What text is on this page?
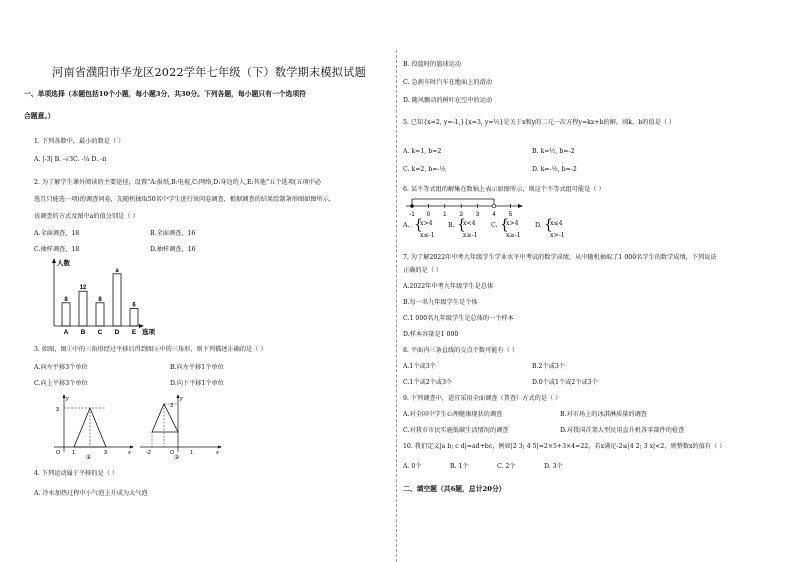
河南省濮阳市华龙区2022学年七年级（下）数学期末模拟试题
一、单项选择（本题包括10个小题，每小题3分，共30分。下列各题，每小题只有一个选项符
合题意。）
1. 下列各数中，最小的数是（ ）
A. |-3| B. -√3C. -¼ D. -π
2. 为了解学生课外阅读的主要途径，设置“A:报纸,B:电视,C:网络,D:身边的人,E:其他”五个选项(五项中必
选且只能选一项)的调查问卷，先随机抽取50名中学生进行该问卷调查，根据调查的结果绘制条形图如图所示，
该调查的方式及图中a的值分别是（ ）
A.全面调查，18	B.全面调查，16
C.抽样调查，18	D.抽样调查，16
8
A
12
B
8
C
a
D
6
E
人数
选项
3. 如图，图①中的三角形经过平移后得到图②中的三角形，则下列描述正确的是（ ）
A.向左平移3个单位	B.向左平移1个单位
C.向上平移3个单位	D.向下平移1个单位
3
y
O 1	3	x
①
3
y
-2	O	1	x
②
4. 下列运动属于平移的是（ ）
A. 冷水加热过程中小气泡上升成为大气泡
B. 投篮时的篮球运动
C. 急刹车时汽车在地面上的滑动
D. 随风飘动的树叶在空中的运动
5. 已知{x=2, y=-1,}{x=3, y=½}是关于x和y的二元一次方程y=kx+b的解，则k，b的值是（ ）
A. k=1, b=2	B. k=½, b=-2
C. k=2, b=-½	D. k=-½, b=-2
6. 某不等式组的解集在数轴上表示如图所示，则这个不等式组可能是（ ）
-1 0 1 2 3 4 5
A. {
x>4
x≤-1
B. {
x<4
x≥-1
C. {
x>4
x≥-1
D. {
x≤4
x>-1
7. 为了解2022年中考九年级学生学业水平中考试的数学成绩，从中随机抽取了1 000名学生的数学成绩，下列说法
正确的是（ ）
A.2022年中考九年级学生是总体
B.每一名九年级学生是个体
C.1 000名九年级学生是总体的一个样本
D.样本容量是1 000
8. 平面内三条直线的交点个数可能有（ ）
A.1个或3个	B.2个或3个
C.1个或2个或3个	D.0个或1个或2个或3个
9. 下列调查中，适宜采用全面调查（普查）方式的是（ ）
A.对全国中学生心理健康现状的调查	B.对市场上的冰淇淋质量的调查
C.对我市市民实施低碳生活情况的调查	D.对我国首架大型民用直升机各零部件的检查
10. 我们定义|a b; c d|=ad+bc，例如|2 3; 4 5|=2×5+3×4=22，若x满足-2≤|4 2; 3 x|<2，则整数x的值有（ ）
A. 0个	B. 1个	C. 2个	D. 3个
二、填空题（共6题，总计20分）
